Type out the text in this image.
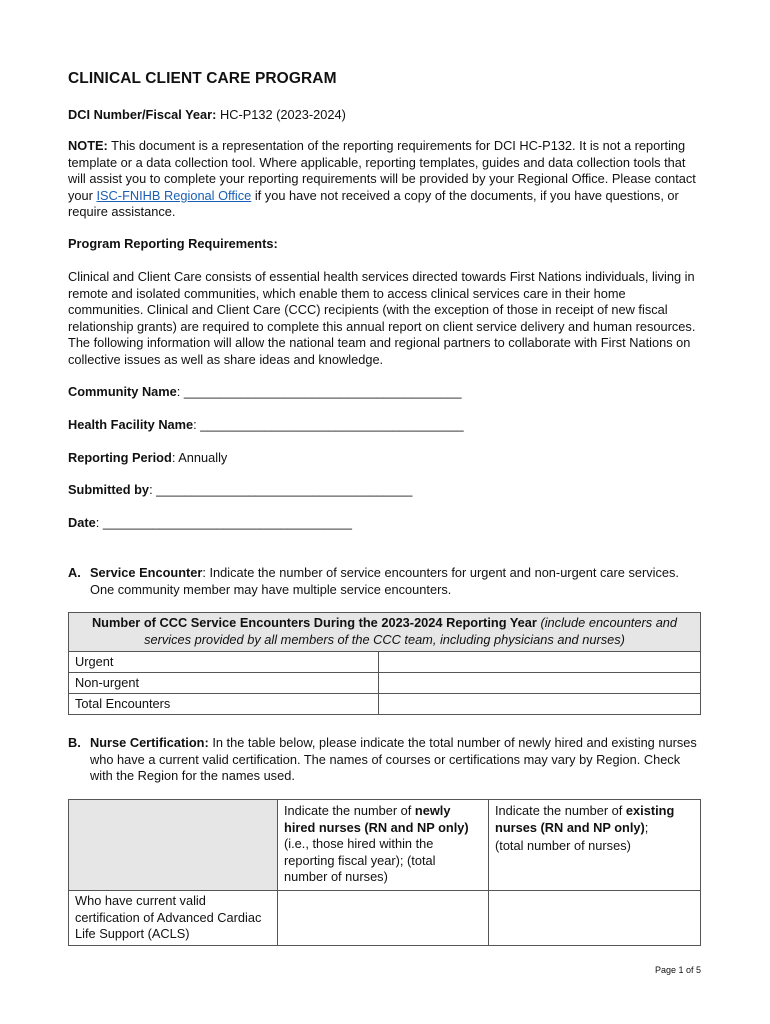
CLINICAL CLIENT CARE PROGRAM
DCI Number/Fiscal Year: HC-P132 (2023-2024)
NOTE: This document is a representation of the reporting requirements for DCI HC-P132. It is not a reporting template or a data collection tool. Where applicable, reporting templates, guides and data collection tools that will assist you to complete your reporting requirements will be provided by your Regional Office. Please contact your ISC-FNIHB Regional Office if you have not received a copy of the documents, if you have questions, or require assistance.
Program Reporting Requirements:
Clinical and Client Care consists of essential health services directed towards First Nations individuals, living in remote and isolated communities, which enable them to access clinical services care in their home communities. Clinical and Client Care (CCC) recipients (with the exception of those in receipt of new fiscal relationship grants) are required to complete this annual report on client service delivery and human resources. The following information will allow the national team and regional partners to collaborate with First Nations on collective issues as well as share ideas and knowledge.
Community Name: _______________________________________
Health Facility Name: _____________________________________
Reporting Period: Annually
Submitted by: ____________________________________
Date: ___________________________________
A. Service Encounter: Indicate the number of service encounters for urgent and non-urgent care services. One community member may have multiple service encounters.
Number of CCC Service Encounters During the 2023-2024 Reporting Year (include encounters and services provided by all members of the CCC team, including physicians and nurses)	
Urgent	
Non-urgent	
Total Encounters	
B. Nurse Certification: In the table below, please indicate the total number of newly hired and existing nurses who have a current valid certification. The names of courses or certifications may vary by Region. Check with the Region for the names used.
	Indicate the number of newly hired nurses (RN and NP only) (i.e., those hired within the reporting fiscal year); (total number of nurses)	Indicate the number of existing nurses (RN and NP only);
(total number of nurses)

Who have current valid certification of Advanced Cardiac Life Support (ACLS)		
Page 1 of 5
